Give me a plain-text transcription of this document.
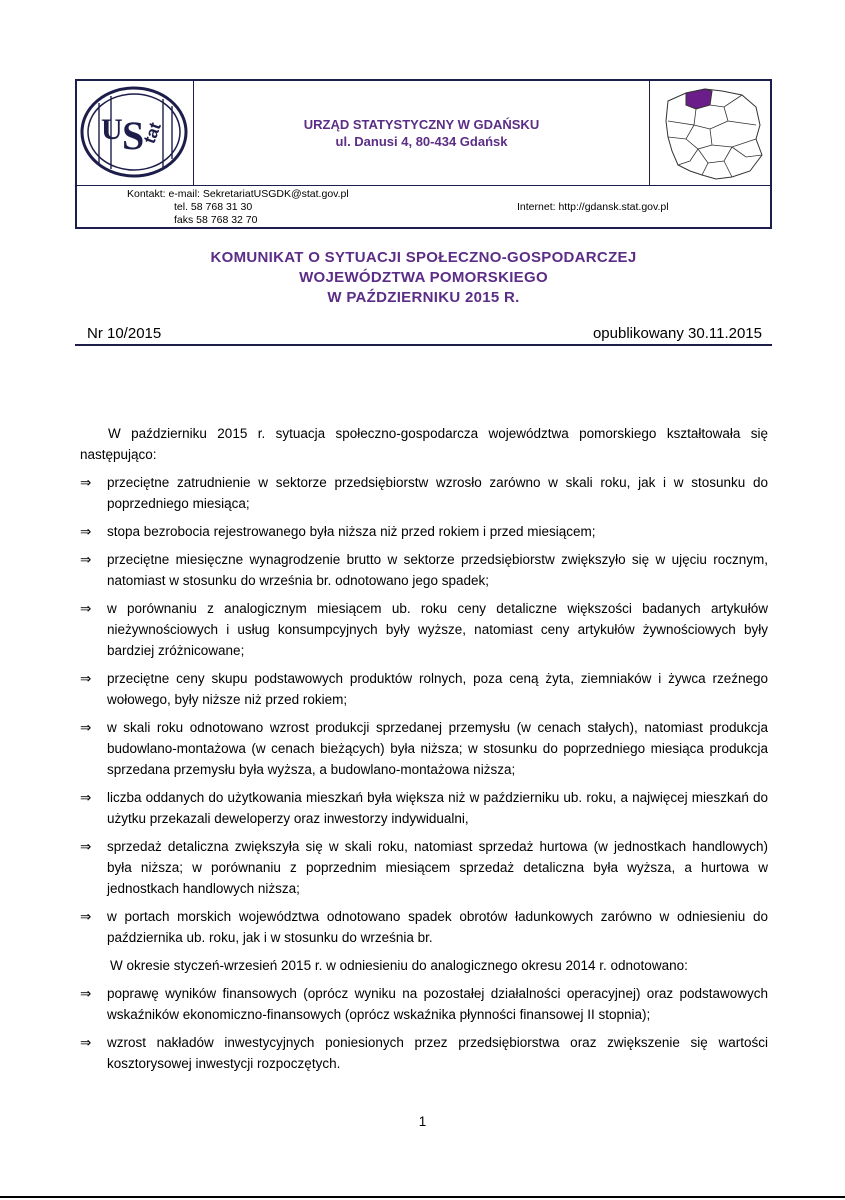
U S
tat	URZĄD STATYSTYCZNY W GDAŃSKU
ul. Danusi 4, 80-434 Gdańsk
Kontakt: e-mail: SekretariatUSGDK@stat.gov.pl
tel. 58 768 31 30
faks 58 768 32 70
Internet: http://gdansk.stat.gov.pl
KOMUNIKAT O SYTUACJI SPOŁECZNO-GOSPODARCZEJ
WOJEWÓDZTWA POMORSKIEGO
W PAŹDZIERNIKU 2015 R.
Nr 10/2015	opublikowany 30.11.2015

W październiku 2015 r. sytuacja społeczno-gospodarcza województwa pomorskiego kształtowała się następująco:

⇒ przeciętne zatrudnienie w sektorze przedsiębiorstw wzrosło zarówno w skali roku, jak i w stosunku do poprzedniego miesiąca;
⇒ stopa bezrobocia rejestrowanego była niższa niż przed rokiem i przed miesiącem;
⇒ przeciętne miesięczne wynagrodzenie brutto w sektorze przedsiębiorstw zwiększyło się w ujęciu rocznym, natomiast w stosunku do września br. odnotowano jego spadek;
⇒ w porównaniu z analogicznym miesiącem ub. roku ceny detaliczne większości badanych artykułów nieżywnościowych i usług konsumpcyjnych były wyższe, natomiast ceny artykułów żywnościowych były bardziej zróżnicowane;
⇒ przeciętne ceny skupu podstawowych produktów rolnych, poza ceną żyta, ziemniaków i żywca rzeźnego wołowego, były niższe niż przed rokiem;
⇒ w skali roku odnotowano wzrost produkcji sprzedanej przemysłu (w cenach stałych), natomiast produkcja budowlano-montażowa (w cenach bieżących) była niższa; w stosunku do poprzedniego miesiąca produkcja sprzedana przemysłu była wyższa, a budowlano-montażowa niższa;
⇒ liczba oddanych do użytkowania mieszkań była większa niż w październiku ub. roku, a najwięcej mieszkań do użytku przekazali deweloperzy oraz inwestorzy indywidualni,
⇒ sprzedaż detaliczna zwiększyła się w skali roku, natomiast sprzedaż hurtowa (w jednostkach handlowych) była niższa; w porównaniu z poprzednim miesiącem sprzedaż detaliczna była wyższa, a hurtowa w jednostkach handlowych niższa;
⇒ w portach morskich województwa odnotowano spadek obrotów ładunkowych zarówno w odniesieniu do października ub. roku, jak i w stosunku do września br.

W okresie styczeń-wrzesień 2015 r. w odniesieniu do analogicznego okresu 2014 r. odnotowano:

⇒ poprawę wyników finansowych (oprócz wyniku na pozostałej działalności operacyjnej) oraz podstawowych wskaźników ekonomiczno-finansowych (oprócz wskaźnika płynności finansowej II stopnia);
⇒ wzrost nakładów inwestycyjnych poniesionych przez przedsiębiorstwa oraz zwiększenie się wartości kosztorysowej inwestycji rozpoczętych.
1
